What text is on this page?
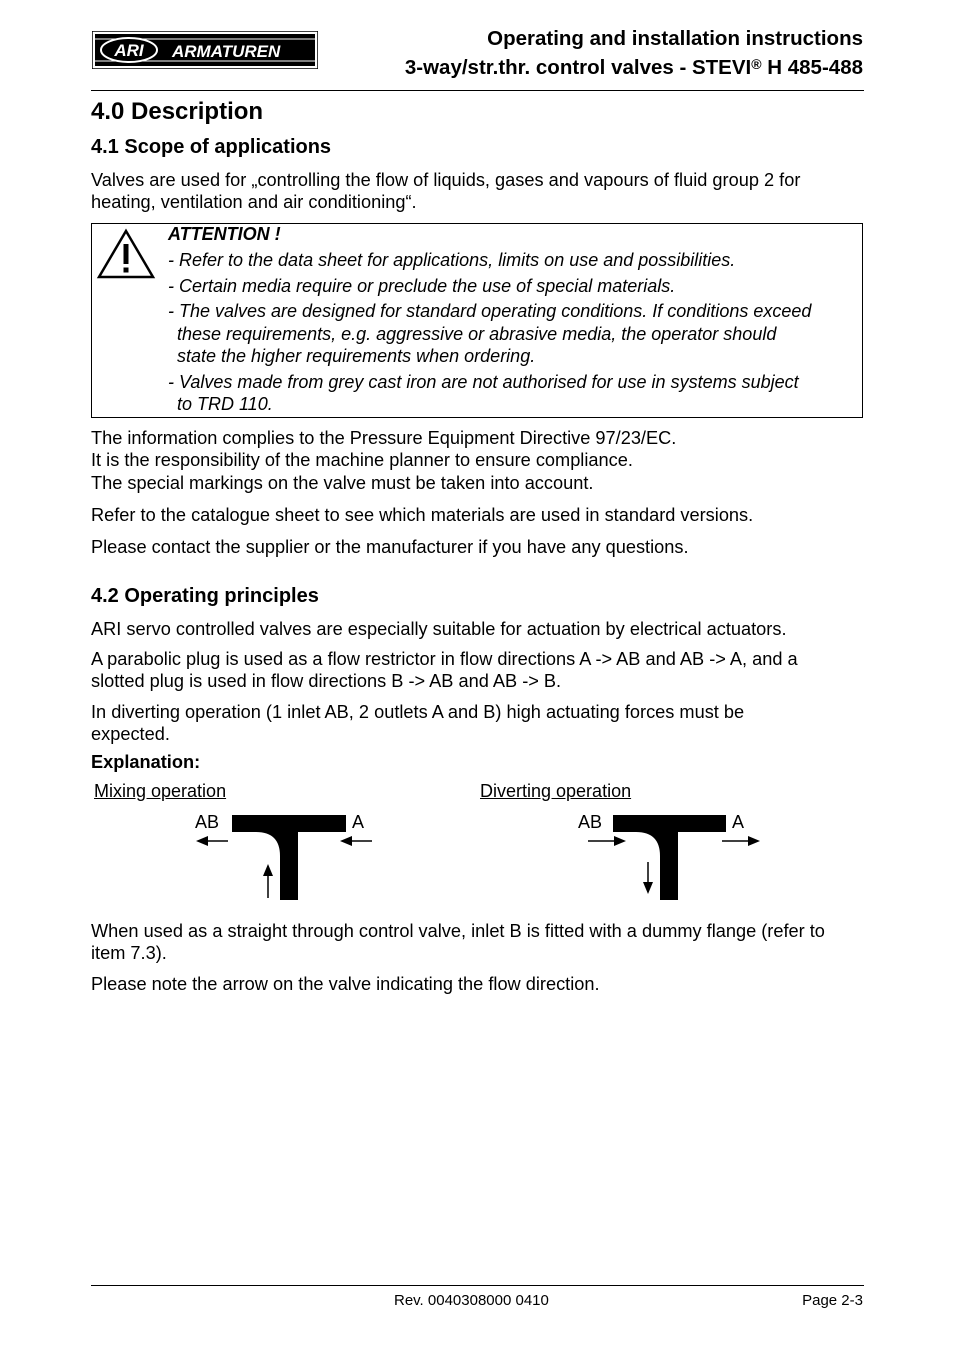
ARI ARMATUREN
Operating and installation instructions
3-way/str.thr. control valves - STEVI® H 485-488
4.0 Description
4.1 Scope of applications
Valves are used for „controlling the flow of liquids, gases and vapours of fluid group 2 for
heating, ventilation and air conditioning“.
ATTENTION !
- Refer to the data sheet for applications, limits on use and possibilities.
- Certain media require or preclude the use of special materials.
- The valves are designed for standard operating conditions. If conditions exceed
these requirements, e.g. aggressive or abrasive media, the operator should
state the higher requirements when ordering.
- Valves made from grey cast iron are not authorised for use in systems subject
to TRD 110.
The information complies to the Pressure Equipment Directive 97/23/EC.
It is the responsibility of the machine planner to ensure compliance.
The special markings on the valve must be taken into account.
Refer to the catalogue sheet to see which materials are used in standard versions.
Please contact the supplier or the manufacturer if you have any questions.
4.2 Operating principles
ARI servo controlled valves are especially suitable for actuation by electrical actuators.
A parabolic plug is used as a flow restrictor in flow directions A -> AB and AB -> A, and a
slotted plug is used in flow directions B -> AB and AB -> B.
In diverting operation (1 inlet AB, 2 outlets A and B) high actuating forces must be
expected.
Explanation:
Mixing operation
AB	A
Diverting operation
AB	A
When used as a straight through control valve, inlet B is fitted with a dummy flange (refer to
item 7.3).
Please note the arrow on the valve indicating the flow direction.
Rev. 0040308000 0410	Page 2-3
